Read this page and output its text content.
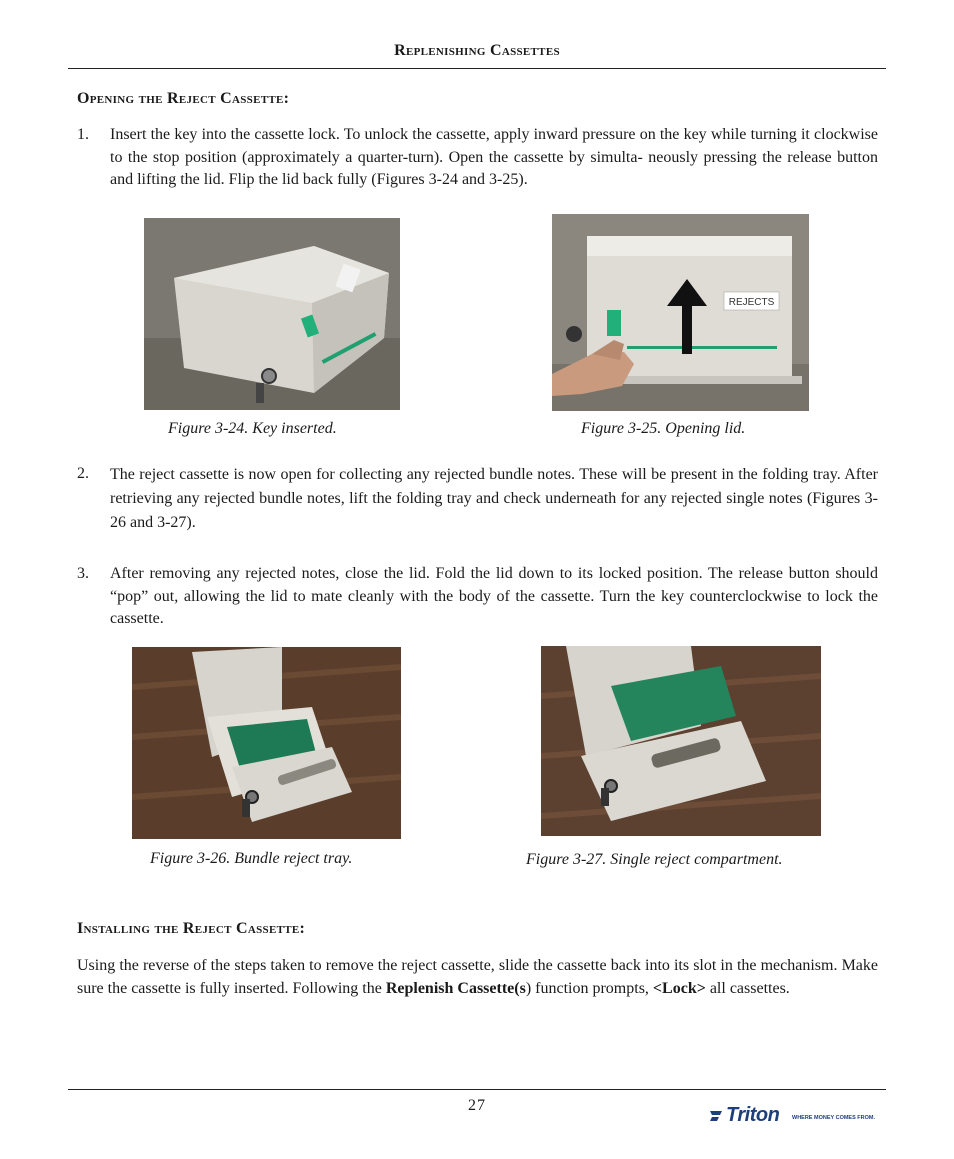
Replenishing Cassettes
Opening the Reject Cassette:
1. Insert the key into the cassette lock. To unlock the cassette, apply inward pressure on the key while turning it clockwise to the stop position (approximately a quarter-turn). Open the cassette by simulta- neously pressing the release button and lifting the lid. Flip the lid back fully (Figures 3-24 and 3-25).
Figure 3-24. Key inserted.
REJECTS
Figure 3-25. Opening lid.
2. The reject cassette is now open for collecting any rejected bundle notes. These will be present in the folding tray. After retrieving any rejected bundle notes, lift the folding tray and check underneath for any rejected single notes (Figures 3-26 and 3-27).
3. After removing any rejected notes, close the lid. Fold the lid down to its locked position. The release button should “pop” out, allowing the lid to mate cleanly with the body of the cassette. Turn the key counterclockwise to lock the cassette.
Figure 3-26. Bundle reject tray.	Figure 3-27. Single reject compartment.
Installing the Reject Cassette:
Using the reverse of the steps taken to remove the reject cassette, slide the cassette back into its slot in the mechanism. Make sure the cassette is fully inserted. Following the Replenish Cassette(s) function prompts, <Lock> all cassettes.
27	Triton WHERE MONEY COMES FROM.
